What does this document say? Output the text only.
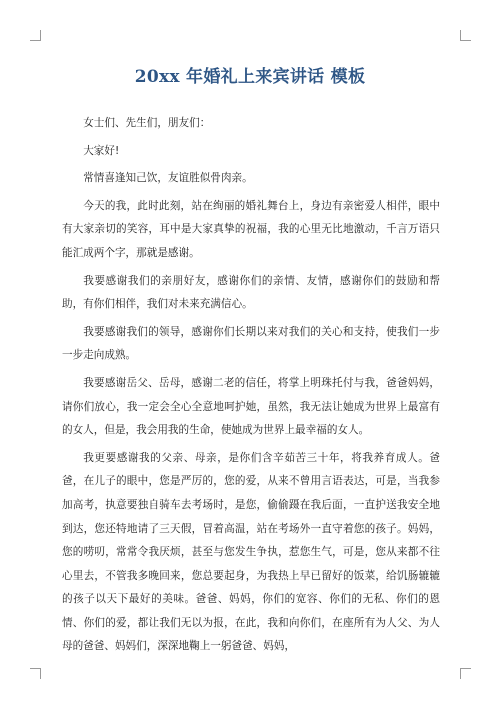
20xx 年婚礼上来宾讲话 模板

女士们、先生们，朋友们：

大家好!

常情喜逢知己饮，友谊胜似骨肉亲。

今天的我，此时此刻，站在绚丽的婚礼舞台上，身边有亲密爱人相伴，眼中有大家亲切的笑容，耳中是大家真挚的祝福，我的心里无比地激动，千言万语只能汇成两个字，那就是感谢。

我要感谢我们的亲朋好友，感谢你们的亲情、友情，感谢你们的鼓励和帮助，有你们相伴，我们对未来充满信心。

我要感谢我们的领导，感谢你们长期以来对我们的关心和支持，使我们一步一步走向成熟。

我要感谢岳父、岳母，感谢二老的信任，将掌上明珠托付与我，爸爸妈妈，请你们放心，我一定会全心全意地呵护她，虽然，我无法让她成为世界上最富有的女人，但是，我会用我的生命，使她成为世界上最幸福的女人。

我更要感谢我的父亲、母亲，是你们含辛茹苦三十年，将我养育成人。爸爸，在儿子的眼中，您是严厉的，您的爱，从来不曾用言语表达，可是，当我参加高考，执意要独自骑车去考场时，是您，偷偷蹑在我后面，一直护送我安全地到达，您还特地请了三天假，冒着高温，站在考场外一直守着您的孩子。妈妈，您的唠叨，常常令我厌烦，甚至与您发生争执，惹您生气，可是，您从来都不往心里去，不管我多晚回来，您总要起身，为我热上早已留好的饭菜，给饥肠辘辘的孩子以天下最好的美味。爸爸、妈妈，你们的宽容、你们的无私、你们的恩情、你们的爱，都让我们无以为报，在此，我和向你们，在座所有为人父、为人母的爸爸、妈妈们，深深地鞠上一躬爸爸、妈妈，
